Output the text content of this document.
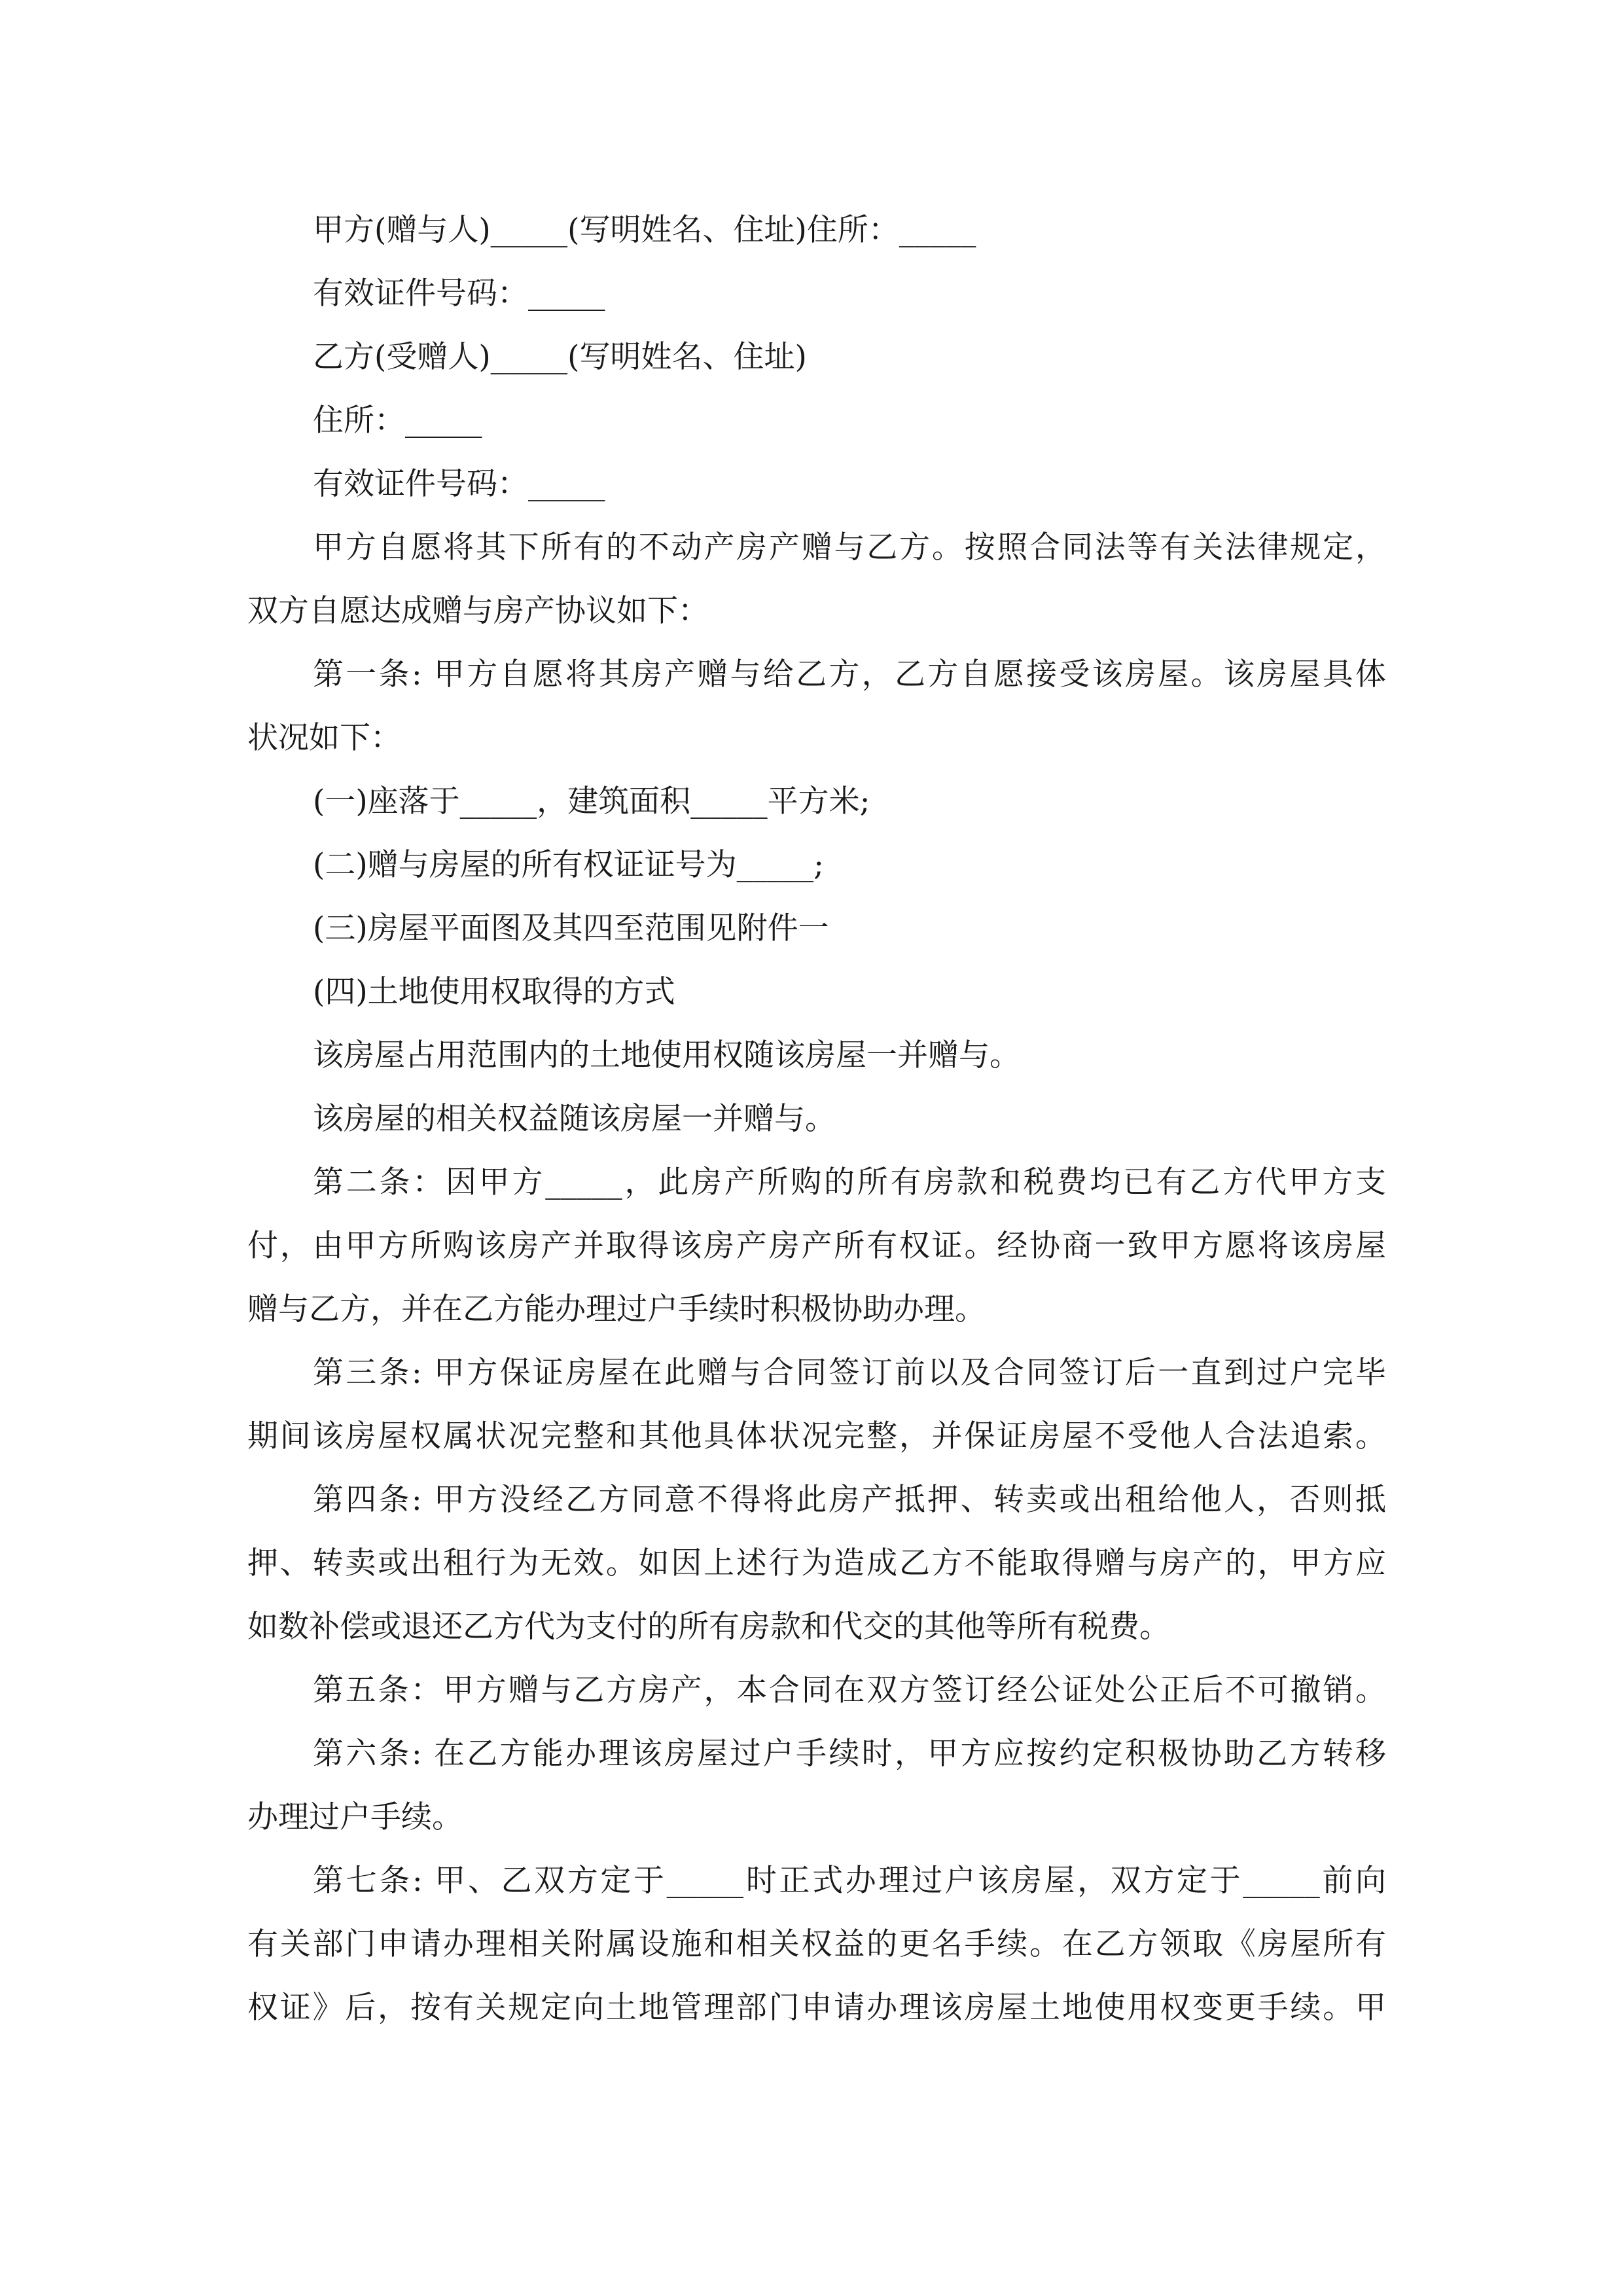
甲方(赠与人)_____(写明姓名、住址)住所：_____
有效证件号码：_____
乙方(受赠人)_____(写明姓名、住址)
住所：_____
有效证件号码：_____
甲方自愿将其下所有的不动产房产赠与乙方。按照合同法等有关法律规定，
双方自愿达成赠与房产协议如下：
第一条: 甲方自愿将其房产赠与给乙方，乙方自愿接受该房屋。该房屋具体
状况如下：
(一)座落于_____，建筑面积_____平方米;
(二)赠与房屋的所有权证证号为_____;
(三)房屋平面图及其四至范围见附件一
(四)土地使用权取得的方式
该房屋占用范围内的土地使用权随该房屋一并赠与。
该房屋的相关权益随该房屋一并赠与。
第二条：因甲方_____，此房产所购的所有房款和税费均已有乙方代甲方支
付，由甲方所购该房产并取得该房产房产所有权证。经协商一致甲方愿将该房屋
赠与乙方，并在乙方能办理过户手续时积极协助办理。
第三条: 甲方保证房屋在此赠与合同签订前以及合同签订后一直到过户完毕
期间该房屋权属状况完整和其他具体状况完整，并保证房屋不受他人合法追索。
第四条: 甲方没经乙方同意不得将此房产抵押、转卖或出租给他人，否则抵
押、转卖或出租行为无效。如因上述行为造成乙方不能取得赠与房产的，甲方应
如数补偿或退还乙方代为支付的所有房款和代交的其他等所有税费。
第五条：甲方赠与乙方房产，本合同在双方签订经公证处公正后不可撤销。
第六条: 在乙方能办理该房屋过户手续时，甲方应按约定积极协助乙方转移
办理过户手续。
第七条: 甲、乙双方定于_____时正式办理过户该房屋，双方定于_____前向
有关部门申请办理相关附属设施和相关权益的更名手续。在乙方领取《房屋所有
权证》后，按有关规定向土地管理部门申请办理该房屋土地使用权变更手续。甲
